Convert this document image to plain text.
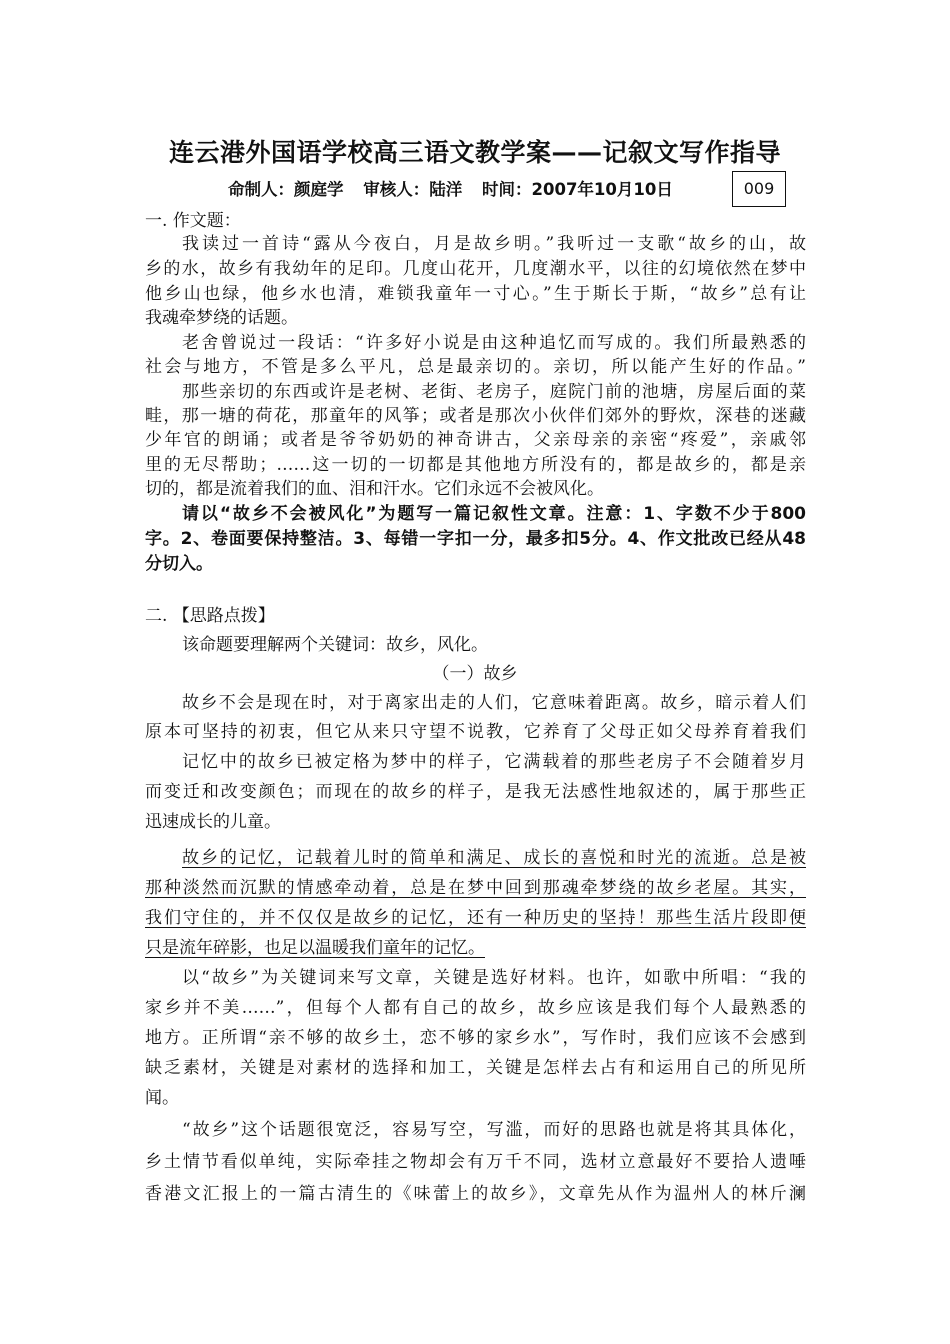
连云港外国语学校高三语文教学案——记叙文写作指导
命制人：颜庭学 审核人：陆洋 时间：2007年10月10日	009
一. 作文题：
我读过一首诗“露从今夜白，月是故乡明。”我听过一支歌“故乡的山，故
乡的水，故乡有我幼年的足印。几度山花开，几度潮水平，以往的幻境依然在梦中
他乡山也绿，他乡水也清，难锁我童年一寸心。”生于斯长于斯，“故乡”总有让
我魂牵梦绕的话题。
老舍曾说过一段话：“许多好小说是由这种追忆而写成的。我们所最熟悉的
社会与地方，不管是多么平凡，总是最亲切的。亲切，所以能产生好的作品。”
那些亲切的东西或许是老树、老街、老房子，庭院门前的池塘，房屋后面的菜
畦，那一塘的荷花，那童年的风筝；或者是那次小伙伴们郊外的野炊，深巷的迷藏
少年官的朗诵；或者是爷爷奶奶的神奇讲古，父亲母亲的亲密“疼爱”，亲戚邻
里的无尽帮助；……这一切的一切都是其他地方所没有的，都是故乡的，都是亲
切的，都是流着我们的血、泪和汗水。它们永远不会被风化。
请以“故乡不会被风化”为题写一篇记叙性文章。注意：1、字数不少于800
字。2、卷面要保持整洁。3、每错一字扣一分，最多扣5分。4、作文批改已经从48
分切入。
二. 【思路点拨】
该命题要理解两个关键词：故乡，风化。
（一）故乡
故乡不会是现在时，对于离家出走的人们，它意味着距离。故乡，暗示着人们
原本可坚持的初衷，但它从来只守望不说教，它养育了父母正如父母养育着我们
记忆中的故乡已被定格为梦中的样子，它满载着的那些老房子不会随着岁月
而变迁和改变颜色；而现在的故乡的样子，是我无法感性地叙述的，属于那些正
迅速成长的儿童。
故乡的记忆，记载着儿时的简单和满足、成长的喜悦和时光的流逝。总是被
那种淡然而沉默的情感牵动着，总是在梦中回到那魂牵梦绕的故乡老屋。其实，
我们守住的，并不仅仅是故乡的记忆，还有一种历史的坚持！那些生活片段即便
只是流年碎影，也足以温暖我们童年的记忆。
以“故乡”为关键词来写文章，关键是选好材料。也许，如歌中所唱：“我的
家乡并不美……”，但每个人都有自己的故乡，故乡应该是我们每个人最熟悉的
地方。正所谓“亲不够的故乡土，恋不够的家乡水”，写作时，我们应该不会感到
缺乏素材，关键是对素材的选择和加工，关键是怎样去占有和运用自己的所见所
闻。
“故乡”这个话题很宽泛，容易写空，写滥，而好的思路也就是将其具体化，
乡土情节看似单纯，实际牵挂之物却会有万千不同，选材立意最好不要拾人遗唾
香港文汇报上的一篇古清生的《味蕾上的故乡》，文章先从作为温州人的林斤澜
